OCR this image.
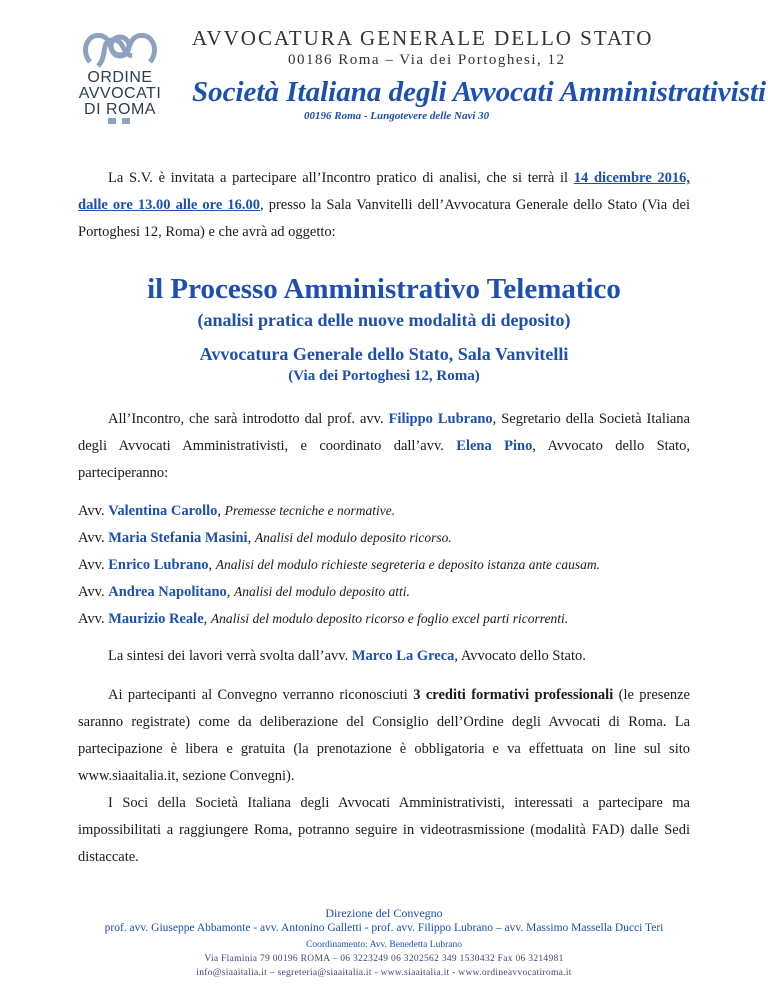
ORDINE
AVVOCATI
DI ROMA
AVVOCATURA GENERALE DELLO STATO
00186 Roma – Via dei Portoghesi, 12
Società Italiana degli Avvocati Amministrativisti
00196 Roma - Lungotevere delle Navi 30
La S.V. è invitata a partecipare all’Incontro pratico di analisi, che si terrà il 14 dicembre 2016, dalle ore 13.00 alle ore 16.00, presso la Sala Vanvitelli dell’Avvocatura Generale dello Stato (Via dei Portoghesi 12, Roma) e che avrà ad oggetto:
il Processo Amministrativo Telematico
(analisi pratica delle nuove modalità di deposito)
Avvocatura Generale dello Stato, Sala Vanvitelli
(Via dei Portoghesi 12, Roma)
All’Incontro, che sarà introdotto dal prof. avv. Filippo Lubrano, Segretario della Società Italiana degli Avvocati Amministrativisti, e coordinato dall’avv. Elena Pino, Avvocato dello Stato, parteciperanno:
Avv. Valentina Carollo, Premesse tecniche e normative.
Avv. Maria Stefania Masini, Analisi del modulo deposito ricorso.
Avv. Enrico Lubrano, Analisi del modulo richieste segreteria e deposito istanza ante causam.
Avv. Andrea Napolitano, Analisi del modulo deposito atti.
Avv. Maurizio Reale, Analisi del modulo deposito ricorso e foglio excel parti ricorrenti.
La sintesi dei lavori verrà svolta dall’avv. Marco La Greca, Avvocato dello Stato.
Ai partecipanti al Convegno verranno riconosciuti 3 crediti formativi professionali (le presenze saranno registrate) come da deliberazione del Consiglio dell’Ordine degli Avvocati di Roma. La partecipazione è libera e gratuita (la prenotazione è obbligatoria e va effettuata on line sul sito www.siaaitalia.it, sezione Convegni).
I Soci della Società Italiana degli Avvocati Amministrativisti, interessati a partecipare ma impossibilitati a raggiungere Roma, potranno seguire in videotrasmissione (modalità FAD) dalle Sedi distaccate.
Direzione del Convegno
prof. avv. Giuseppe Abbamonte - avv. Antonino Galletti - prof. avv. Filippo Lubrano – avv. Massimo Massella Ducci Teri
Coordinamento: Avv. Benedetta Lubrano
Via Flaminia 79 00196 ROMA – 06 3223249 06 3202562 349 1530432 Fax 06 3214981
info@siaaitalia.it – segreteria@siaaitalia.it - www.siaaitalia.it - www.ordineavvocatiroma.it
